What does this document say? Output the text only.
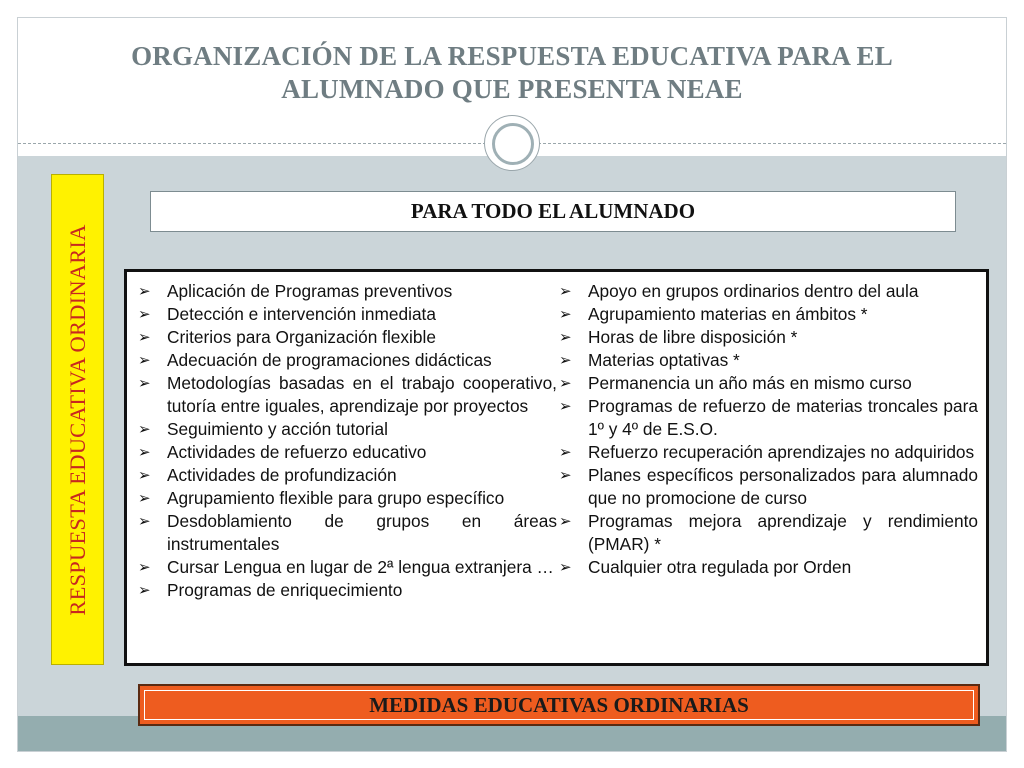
ORGANIZACIÓN DE LA RESPUESTA EDUCATIVA PARA EL ALUMNADO QUE PRESENTA NEAE
RESPUESTA EDUCATIVA ORDINARIA
PARA TODO EL ALUMNADO
➢ Aplicación de Programas preventivos
➢ Detección e intervención inmediata
➢ Criterios para Organización flexible
➢ Adecuación de programaciones didácticas
➢ Metodologías basadas en el trabajo cooperativo, tutoría entre iguales, aprendizaje por proyectos
➢ Seguimiento y acción tutorial
➢ Actividades de refuerzo educativo
➢ Actividades de profundización
➢ Agrupamiento flexible para grupo específico
➢ Desdoblamiento de grupos en áreas instrumentales
➢ Cursar Lengua en lugar de 2ª lengua extranjera …
➢ Programas de enriquecimiento
➢ Apoyo en grupos ordinarios dentro del aula
➢ Agrupamiento materias en ámbitos *
➢ Horas de libre disposición *
➢ Materias optativas *
➢ Permanencia un año más en mismo curso
➢ Programas de refuerzo de materias troncales para 1º y 4º de E.S.O.
➢ Refuerzo recuperación aprendizajes no adquiridos
➢ Planes específicos personalizados para alumnado que no promocione de curso
➢ Programas mejora aprendizaje y rendimiento (PMAR) *
➢ Cualquier otra regulada por Orden
MEDIDAS EDUCATIVAS ORDINARIAS
